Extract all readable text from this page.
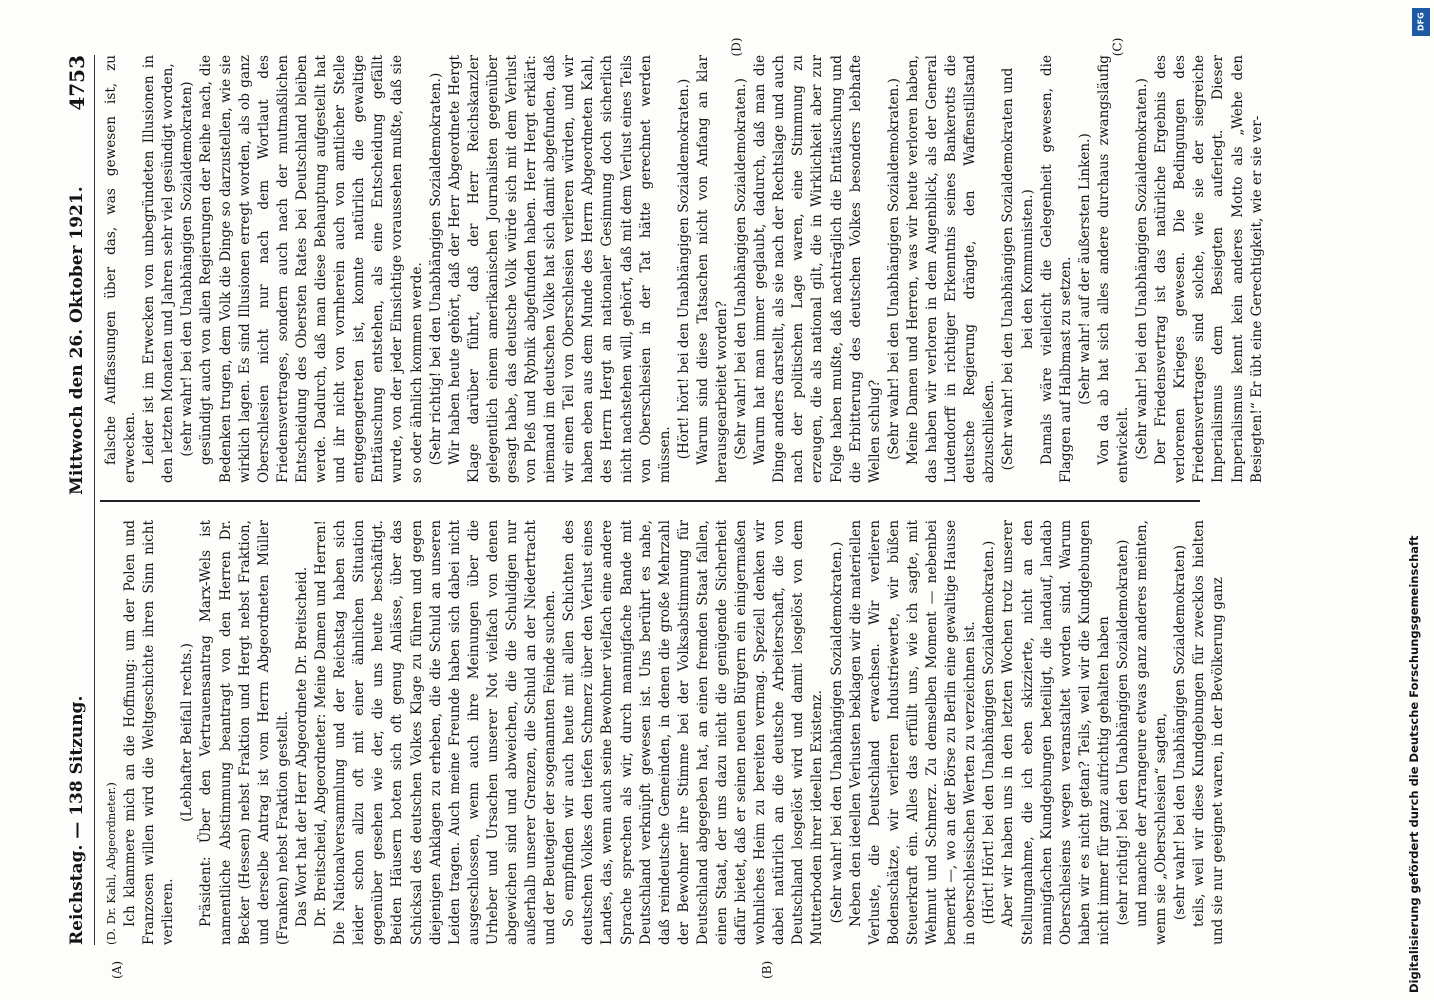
Reichstag. — 138 Sitzung.
Mittwoch den 26. Oktober 1921.
4753

(D. Dr. Kahl, Abgeordneter.) Ich klammere mich an die Hoffnung: um der Polen und Franzosen willen wird die Weltgeschichte ihren Sinn nicht verlieren.

(Lebhafter Beifall rechts.) Präsident: Über den Vertrauensantrag Marx-Wels ist namentliche Abstimmung beantragt von den Herren Dr. Becker (Hessen) nebst Fraktion und Hergt nebst Fraktion, und derselbe Antrag ist vom Herrn Abgeordneten Müller (Franken) nebst Fraktion gestellt. Das Wort hat der Herr Abgeordnete Dr. Breitscheid. Dr. Breitscheid, Abgeordneter: Meine Damen und Herren! Die Nationalversammlung und der Reichstag haben sich leider schon allzu oft mit einer ähnlichen Situation gegenüber gesehen wie der, die uns heute beschäftigt. Beiden Häusern boten sich oft genug Anlässe, über das Schicksal des deutschen Volkes Klage zu führen und gegen diejenigen Anklagen zu erheben, die die Schuld an unseren Leiden tragen. Auch meine Freunde haben sich dabei nicht ausgeschlossen, wenn auch ihre Meinungen über die Urheber und Ursachen unserer Not vielfach von denen abgewichen sind und abweichen, die die Schuldigen nur außerhalb unserer Grenzen, die Schuld an der Niedertracht und der Beutegier der sogenannten Feinde suchen. So empfinden wir auch heute mit allen Schichten des deutschen Volkes den tiefen Schmerz über den Verlust eines Landes, das, wenn auch seine Bewohner vielfach eine andere Sprache sprechen als wir, durch mannigfache Bande mit Deutschland verknüpft gewesen ist. Uns berührt es nahe, daß reindeutsche Gemeinden, in denen die große Mehrzahl der Bewohner ihre Stimme bei der Volksabstimmung für Deutschland abgegeben hat, an einen fremden Staat fallen, einen Staat, der uns dazu nicht die genügende Sicherheit dafür bietet, daß er seinen neuen Bürgern ein einigermaßen wohnliches Heim zu bereiten vermag. Speziell denken wir dabei natürlich an die deutsche Arbeiterschaft, die von Deutschland losgelöst wird und damit losgelöst von dem Mutterboden ihrer ideellen Existenz. (Sehr wahr! bei den Unabhängigen Sozialdemokraten.) Neben den ideellen Verlusten beklagen wir die materiellen Verluste, die Deutschland erwachsen. Wir verlieren Bodenschätze, wir verlieren Industriewerte, wir büßen Steuerkraft ein. Alles das erfüllt uns, wie ich sagte, mit Wehmut und Schmerz. Zu demselben Moment — nebenbei bemerkt —, wo an der Börse zu Berlin eine gewaltige Hausse in oberschlesischen Werten zu verzeichnen ist. (Hört! Hört! bei den Unabhängigen Sozialdemokraten.) Aber wir haben uns in den letzten Wochen trotz unserer Stellungnahme, die ich eben skizzierte, nicht an den mannigfachen Kundgebungen beteiligt, die landauf, landab Oberschlesiens wegen veranstaltet worden sind. Warum haben wir es nicht getan? Teils, weil wir die Kundgebungen nicht immer für ganz aufrichtig gehalten haben (sehr richtig! bei den Unabhängigen Sozialdemokraten) und manche der Arrangeure etwas ganz anderes meinten, wenn sie „Oberschlesien“ sagten, (sehr wahr! bei den Unabhängigen Sozialdemokraten) teils, weil wir diese Kundgebungen für zwecklos hielten und sie nur geeignet waren, in der Bevölkerung ganz

falsche Auffassungen über das, was gewesen ist, zu erwecken. Leider ist im Erwecken von unbegründeten Illusionen in den letzten Monaten und Jahren sehr viel gesündigt worden, (sehr wahr! bei den Unabhängigen Sozialdemokraten) gesündigt auch von allen Regierungen der Reihe nach, die Bedenken trugen, dem Volk die Dinge so darzustellen, wie sie wirklich lagen. Es sind Illusionen erregt worden, als ob ganz Oberschlesien nicht nur nach dem Wortlaut des Friedensvertrages, sondern auch nach der mutmaßlichen Entscheidung des Obersten Rates bei Deutschland bleiben werde. Dadurch, daß man diese Behauptung aufgestellt hat und ihr nicht von vornherein auch von amtlicher Stelle entgegengetreten ist, konnte natürlich die gewaltige Enttäuschung entstehen, als eine Entscheidung gefällt wurde, von der jeder Einsichtige voraussehen mußte, daß sie so oder ähnlich kommen werde. (Sehr richtig! bei den Unabhängigen Sozialdemokraten.) Wir haben heute gehört, daß der Herr Abgeordnete Hergt Klage darüber führt, daß der Herr Reichskanzler gelegentlich einem amerikanischen Journalisten gegenüber gesagt habe, das deutsche Volk würde sich mit dem Verlust von Pleß und Rybnik abgefunden haben. Herr Hergt erklärt: niemand im deutschen Volke hat sich damit abgefunden, daß wir einen Teil von Oberschlesien verlieren würden, und wir haben eben aus dem Munde des Herrn Abgeordneten Kahl, des Herrn Hergt an nationaler Gesinnung doch sicherlich nicht nachstehen will, gehört, daß mit dem Verlust eines Teils von Oberschlesien in der Tat hätte gerechnet werden müssen. (Hört! hört! bei den Unabhängigen Sozialdemokraten.) Warum sind diese Tatsachen nicht von Anfang an klar herausgearbeitet worden? (Sehr wahr! bei den Unabhängigen Sozialdemokraten.) Warum hat man immer geglaubt, dadurch, daß man die Dinge anders darstellt, als sie nach der Rechtslage und auch nach der politischen Lage waren, eine Stimmung zu erzeugen, die als national gilt, die in Wirklichkeit aber zur Folge haben mußte, daß nachträglich die Enttäuschung und die Erbitterung des deutschen Volkes besonders lebhafte Wellen schlug? (Sehr wahr! bei den Unabhängigen Sozialdemokraten.) Meine Damen und Herren, was wir heute verloren haben, das haben wir verloren in dem Augenblick, als der General Ludendorff in richtiger Erkenntnis seines Bankerotts die deutsche Regierung drängte, den Waffenstillstand abzuschließen. (Sehr wahr! bei den Unabhängigen Sozialdemokraten und bei den Kommunisten.) Damals wäre vielleicht die Gelegenheit gewesen, die Flaggen auf Halbmast zu setzen. (Sehr wahr! auf der äußersten Linken.) Von da ab hat sich alles andere durchaus zwangsläufig entwickelt. (Sehr wahr! bei den Unabhängigen Sozialdemokraten.) Der Friedensvertrag ist das natürliche Ergebnis des verlorenen Krieges gewesen. Die Bedingungen des Friedensvertrages sind solche, wie sie der siegreiche Imperialismus dem Besiegten auferlegt. Dieser Imperialismus kennt kein anderes Motto als „Wehe den Besiegten!“ Er übt eine Gerechtigkeit, wie er sie ver-

(A)	(B)
(C)
(D)
Digitalisierung gefördert durch die Deutsche Forschungsgemeinschaft
DFG
